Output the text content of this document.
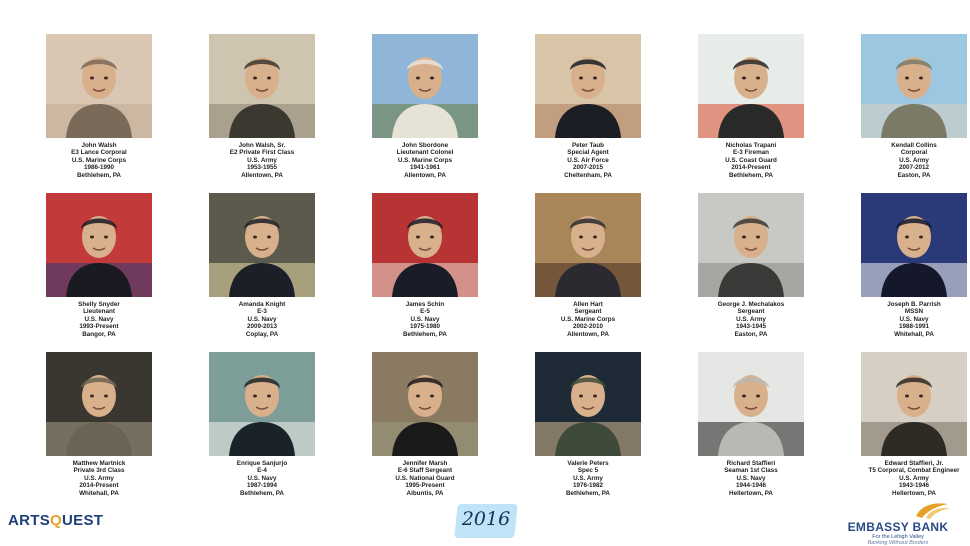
John Walsh
E3 Lance Corporal
U.S. Marine Corps
1986-1990
Bethlehem, PA
John Walsh, Sr.
E2 Private First Class
U.S. Army
1953-1955
Allentown, PA
John Sbordone
Lieutenant Colonel
U.S. Marine Corps
1941-1961
Allentown, PA
Peter Taub
Special Agent
U.S. Air Force
2007-2015
Cheltenham, PA
Nicholas Trapani
E-3 Fireman
U.S. Coast Guard
2014-Present
Bethlehem, PA
Kendall Collins
Corporal
U.S. Army
2007-2012
Easton, PA
Shelly Snyder
Lieutenant
U.S. Navy
1993-Present
Bangor, PA
Amanda Knight
E-3
U.S. Navy
2009-2013
Coplay, PA
James Schin
E-5
U.S. Navy
1975-1980
Bethlehem, PA
Allen Hart
Sergeant
U.S. Marine Corps
2002-2010
Allentown, PA
George J. Mechalakos
Sergeant
U.S. Army
1943-1945
Easton, PA
Joseph B. Parrish
MSSN
U.S. Navy
1988-1991
Whitehall, PA
Matthew Martnick
Private 3rd Class
U.S. Army
2014-Present
Whitehall, PA
Enrique Sanjurjo
E-4
U.S. Navy
1987-1994
Bethlehem, PA
Jennifer Marsh
E-6 Staff Sergeant
U.S. National Guard
1995-Present
Albuntis, PA
Valerie Peters
Spec 5
U.S. Army
1976-1982
Bethlehem, PA
Richard Staffieri
Seaman 1st Class
U.S. Navy
1944-1946
Hellertown, PA
Edward Staffieri, Jr.
T5 Corporal, Combat Engineer
U.S. Army
1943-1946
Hellertown, PA
ARTSQUEST	2016	EMBASSY BANK
For the Lehigh Valley
Banking Without Borders
